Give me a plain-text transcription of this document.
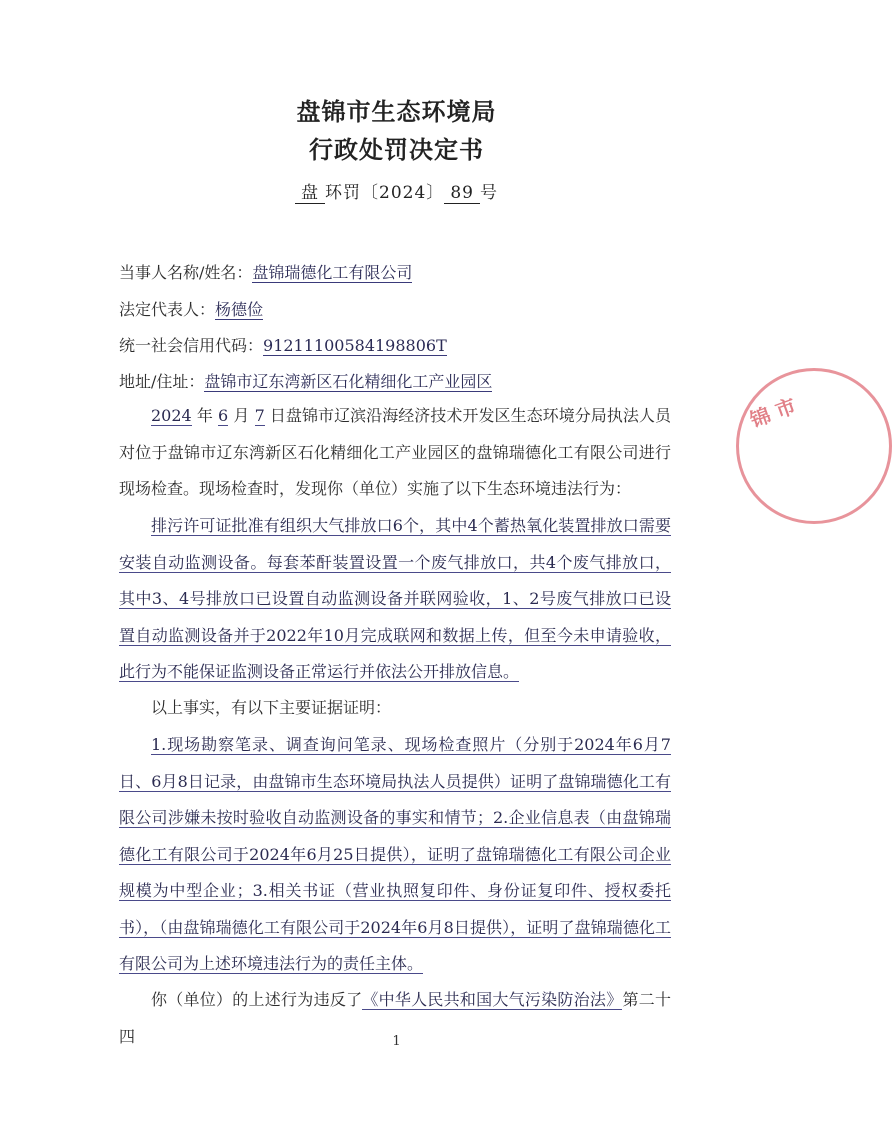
盘锦市生态环境局
行政处罚决定书
盘 环罚〔2024〕 89 号
当事人名称/姓名：盘锦瑞德化工有限公司
法定代表人：杨德俭
统一社会信用代码：91211100584198806T
地址/住址：盘锦市辽东湾新区石化精细化工产业园区
2024 年 6 月 7 日盘锦市辽滨沿海经济技术开发区生态环境分局执法人员对位于盘锦市辽东湾新区石化精细化工产业园区的盘锦瑞德化工有限公司进行现场检查。现场检查时，发现你（单位）实施了以下生态环境违法行为：
排污许可证批准有组织大气排放口6个，其中4个蓄热氧化装置排放口需要安装自动监测设备。每套苯酐装置设置一个废气排放口，共4个废气排放口，其中3、4号排放口已设置自动监测设备并联网验收，1、2号废气排放口已设置自动监测设备并于2022年10月完成联网和数据上传，但至今未申请验收，此行为不能保证监测设备正常运行并依法公开排放信息。
以上事实，有以下主要证据证明：
1.现场勘察笔录、调查询问笔录、现场检查照片（分别于2024年6月7日、6月8日记录，由盘锦市生态环境局执法人员提供）证明了盘锦瑞德化工有限公司涉嫌未按时验收自动监测设备的事实和情节；2.企业信息表（由盘锦瑞德化工有限公司于2024年6月25日提供），证明了盘锦瑞德化工有限公司企业规模为中型企业；3.相关书证（营业执照复印件、身份证复印件、授权委托书），（由盘锦瑞德化工有限公司于2024年6月8日提供），证明了盘锦瑞德化工有限公司为上述环境违法行为的责任主体。
你（单位）的上述行为违反了《中华人民共和国大气污染防治法》第二十四	1
锦 市
